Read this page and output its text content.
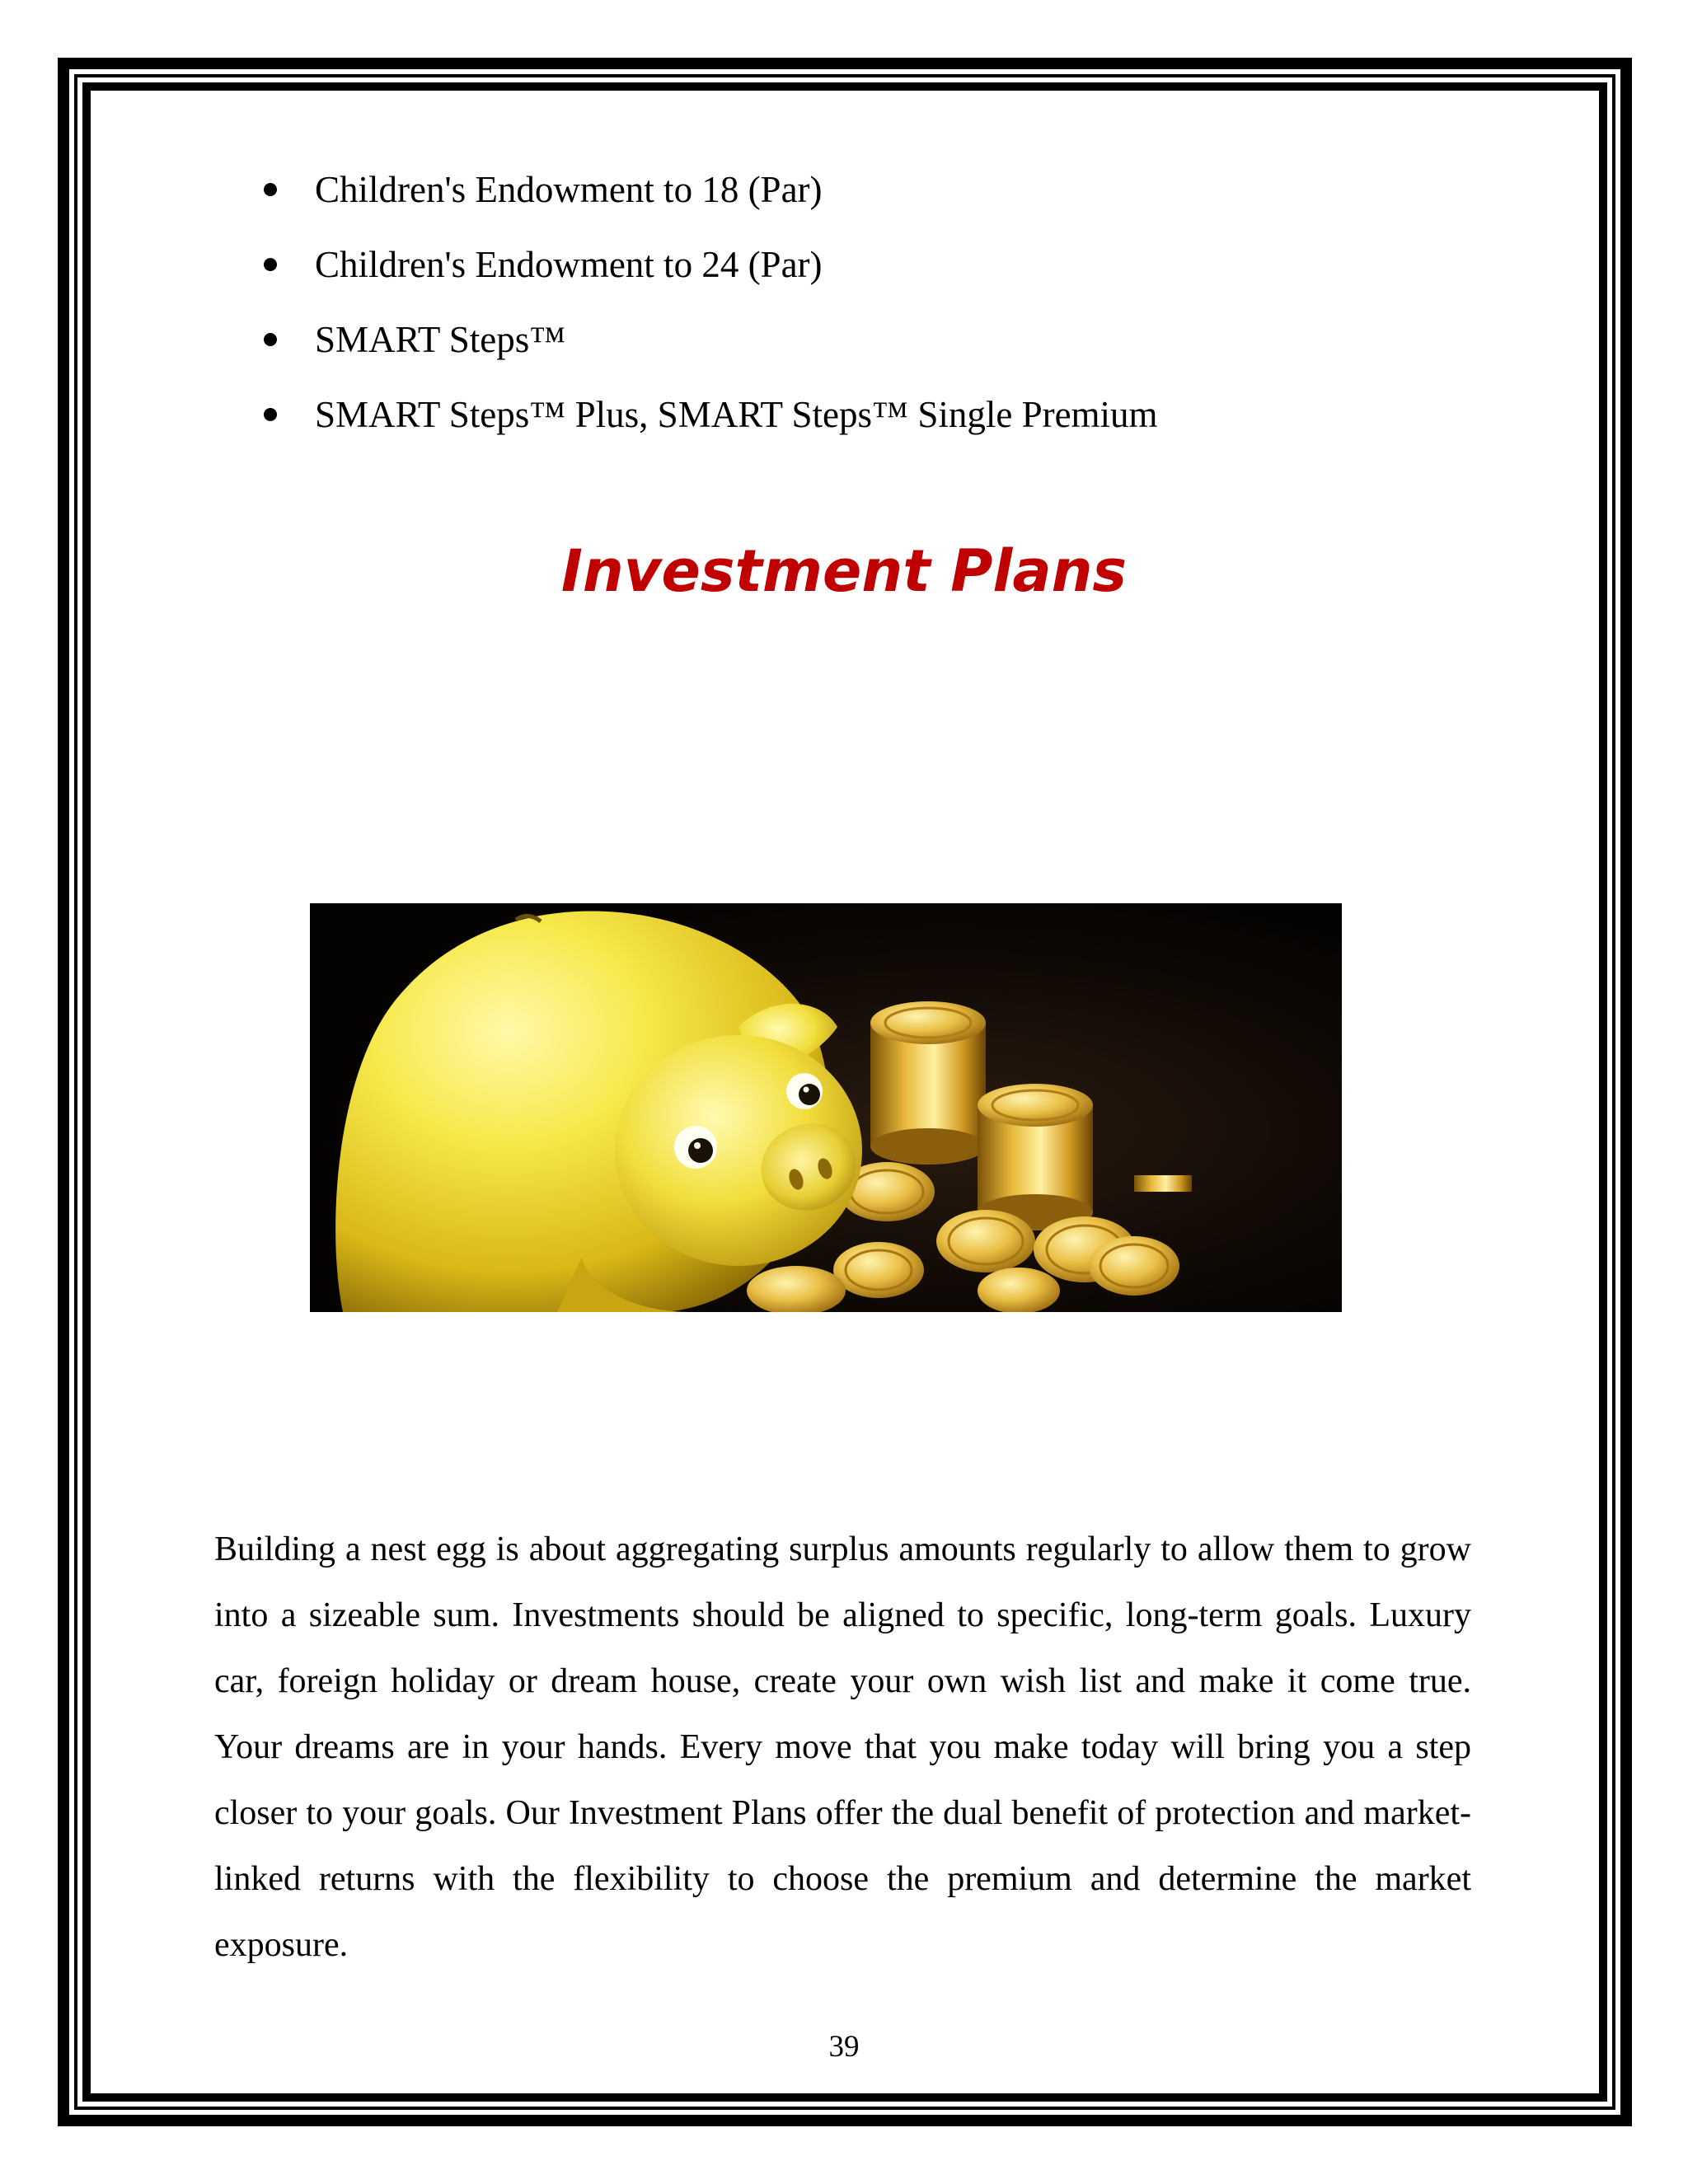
Children's Endowment to 18 (Par)
Children's Endowment to 24 (Par)
SMART Steps™
SMART Steps™ Plus, SMART Steps™ Single Premium
Investment Plans

Building a nest egg is about aggregating surplus amounts regularly to allow them to grow into a sizeable sum. Investments should be aligned to specific, long-term goals. Luxury car, foreign holiday or dream house, create your own wish list and make it come true. Your dreams are in your hands. Every move that you make today will bring you a step closer to your goals. Our Investment Plans offer the dual benefit of protection and market-linked returns with the flexibility to choose the premium and determine the market exposure.

39
